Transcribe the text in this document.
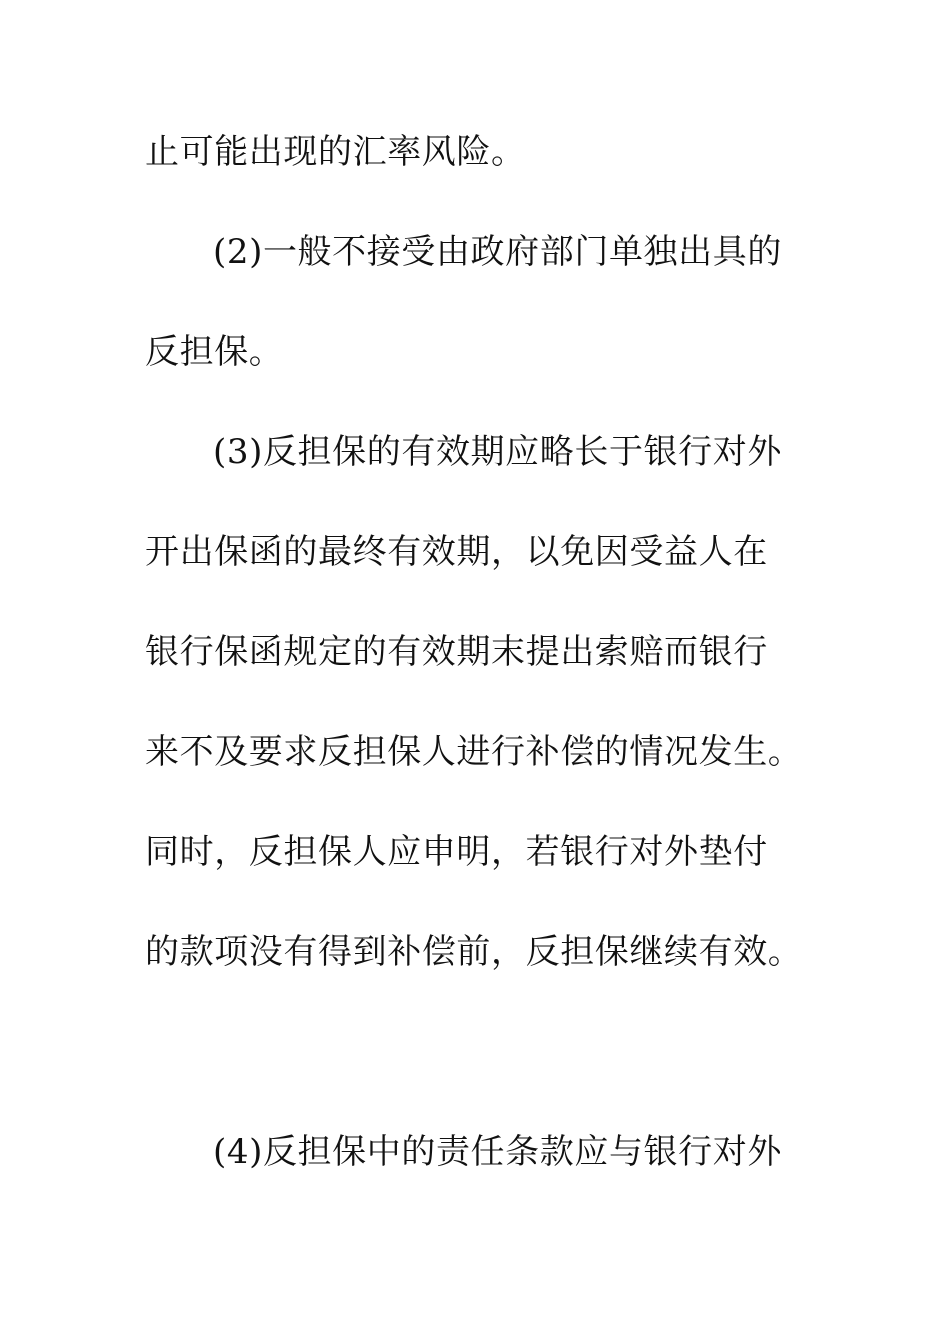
止可能出现的汇率风险。
(2)一般不接受由政府部门单独出具的
反担保。
(3)反担保的有效期应略长于银行对外
开出保函的最终有效期，以免因受益人在
银行保函规定的有效期末提出索赔而银行
来不及要求反担保人进行补偿的情况发生。
同时，反担保人应申明，若银行对外垫付
的款项没有得到补偿前，反担保继续有效。
(4)反担保中的责任条款应与银行对外
